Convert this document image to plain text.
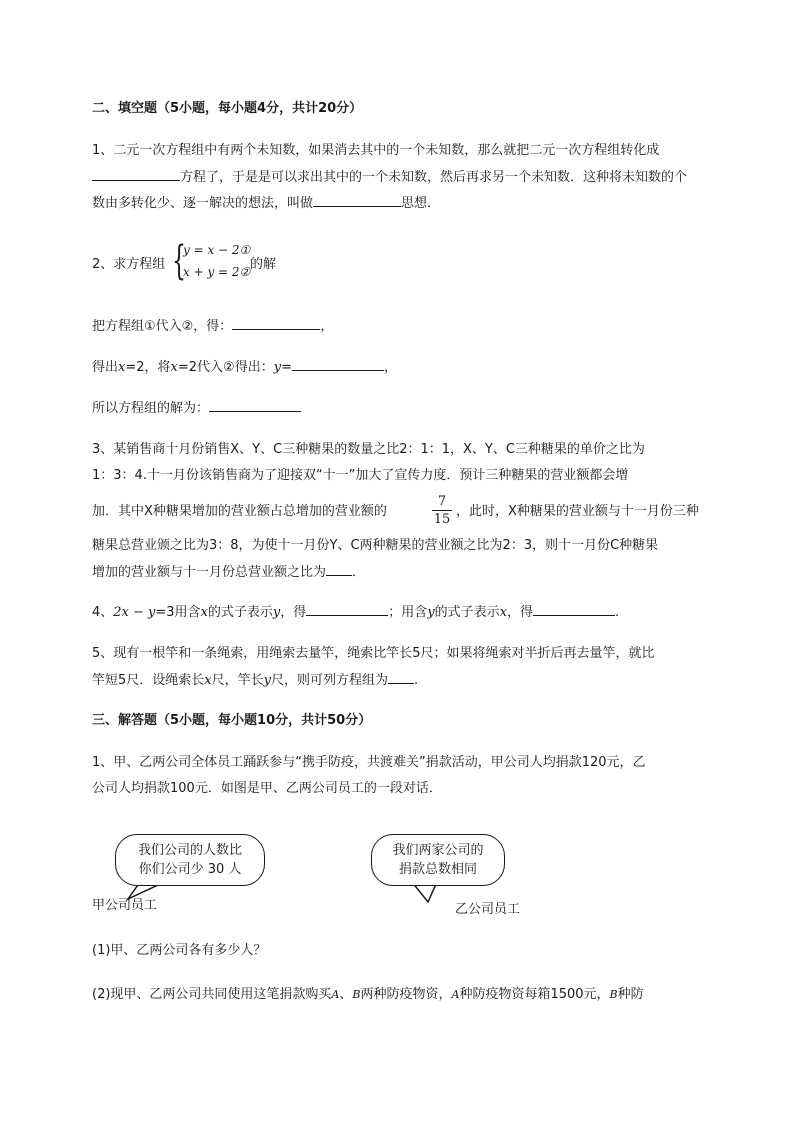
二、填空题（5小题，每小题4分，共计20分）
1、二元一次方程组中有两个未知数，如果消去其中的一个未知数，那么就把二元一次方程组转化成
方程了，于是是可以求出其中的一个未知数，然后再求另一个未知数．这种将未知数的个
数由多转化少、逐一解决的想法，叫做	思想．
2、求方程组 {
y = x − 2①
x + y = 2② 的解
把方程组①代入②，得：	，
得出x=2，将x=2代入②得出：y=	，
所以方程组的解为：
3、某销售商十月份销售X、Y、C三种糖果的数量之比2：1：1，X、Y、C三种糖果的单价之比为
1：3：4.十一月份该销售商为了迎接双“十一”加大了宣传力度．预计三种糖果的营业额都会增
加．其中X种糖果增加的营业额占总增加的营业额的
7
15
，此时，X种糖果的营业额与十一月份三种
糖果总营业颁之比为3：8，为使十一月份Y、C两种糖果的营业额之比为2：3，则十一月份C种糖果
增加的营业额与十一月份总营业额之比为 ．
4、2x − y=3用含x的式子表示y，得	；用含y的式子表示x，得	.
5、现有一根竿和一条绳索，用绳索去量竿，绳索比竿长5尺；如果将绳索对半折后再去量竿，就比
竿短5尺．设绳索长x尺，竿长y尺，则可列方程组为 .
三、解答题（5小题，每小题10分，共计50分）
1、甲、乙两公司全体员工踊跃参与“携手防疫，共渡难关”捐款活动，甲公司人均捐款120元，乙
公司人均捐款100元．如图是甲、乙两公司员工的一段对话．
我们公司的人数比
你们公司少 30 人
我们两家公司的
捐款总数相同
甲公司员工	乙公司员工
(1)甲、乙两公司各有多少人？
(2)现甲、乙两公司共同使用这笔捐款购买A、B两种防疫物资，A种防疫物资每箱1500元，B种防
